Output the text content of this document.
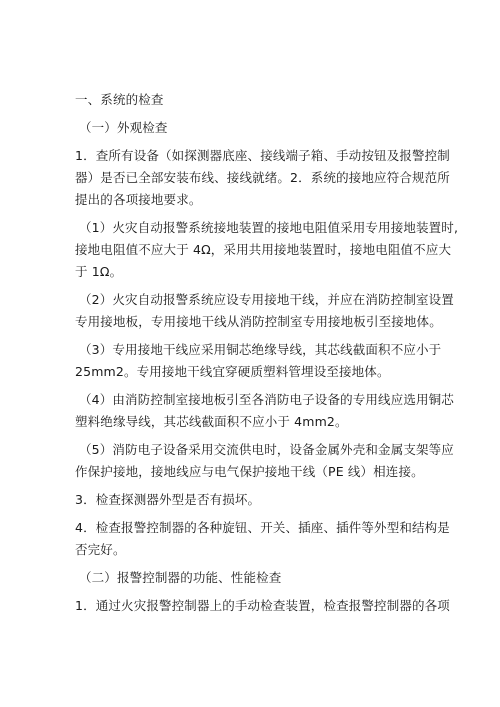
一、系统的检查
（一）外观检查
1．查所有设备（如探测器底座、接线端子箱、手动按钮及报警控制
器）是否已全部安装布线、接线就绪。2．系统的接地应符合规范所
提出的各项接地要求。
（1）火灾自动报警系统接地装置的接地电阻值采用专用接地装置时,
接地电阻值不应大于 4Ω，采用共用接地装置时，接地电阻值不应大
于 1Ω。
（2）火灾自动报警系统应设专用接地干线，并应在消防控制室设置
专用接地板，专用接地干线从消防控制室专用接地板引至接地体。
（3）专用接地干线应采用铜芯绝缘导线，其芯线截面积不应小于
25mm2。专用接地干线宜穿硬质塑料管埋设至接地体。
（4）由消防控制室接地板引至各消防电子设备的专用线应选用铜芯
塑料绝缘导线，其芯线截面积不应小于 4mm2。
（5）消防电子设备采用交流供电时，设备金属外壳和金属支架等应
作保护接地，接地线应与电气保护接地干线（PE 线）相连接。
3．检查探测器外型是否有损坏。
4．检查报警控制器的各种旋钮、开关、插座、插件等外型和结构是
否完好。
（二）报警控制器的功能、性能检查
1．通过火灾报警控制器上的手动检查装置，检查报警控制器的各项
